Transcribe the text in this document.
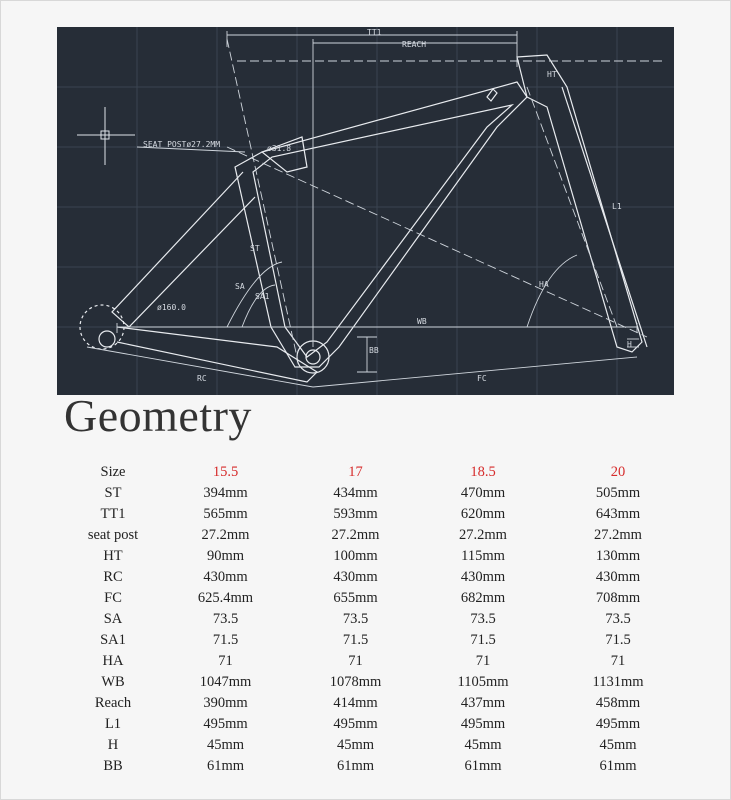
TT1
REACH
HT
SEAT POSTø27.2MM	ø31.8
ST
SA
SA1
ø160.0
L1
HA
WB
BB
RC	FC
H
Geometry
Size	15.5	17	18.5	20
ST	394mm	434mm	470mm	505mm
TT1	565mm	593mm	620mm	643mm
seat post	27.2mm	27.2mm	27.2mm	27.2mm
HT	90mm	100mm	115mm	130mm
RC	430mm	430mm	430mm	430mm
FC	625.4mm	655mm	682mm	708mm
SA	73.5	73.5	73.5	73.5
SA1	71.5	71.5	71.5	71.5
HA	71	71	71	71
WB	1047mm	1078mm	1105mm	1131mm
Reach	390mm	414mm	437mm	458mm
L1	495mm	495mm	495mm	495mm
H	45mm	45mm	45mm	45mm
BB	61mm	61mm	61mm	61mm
